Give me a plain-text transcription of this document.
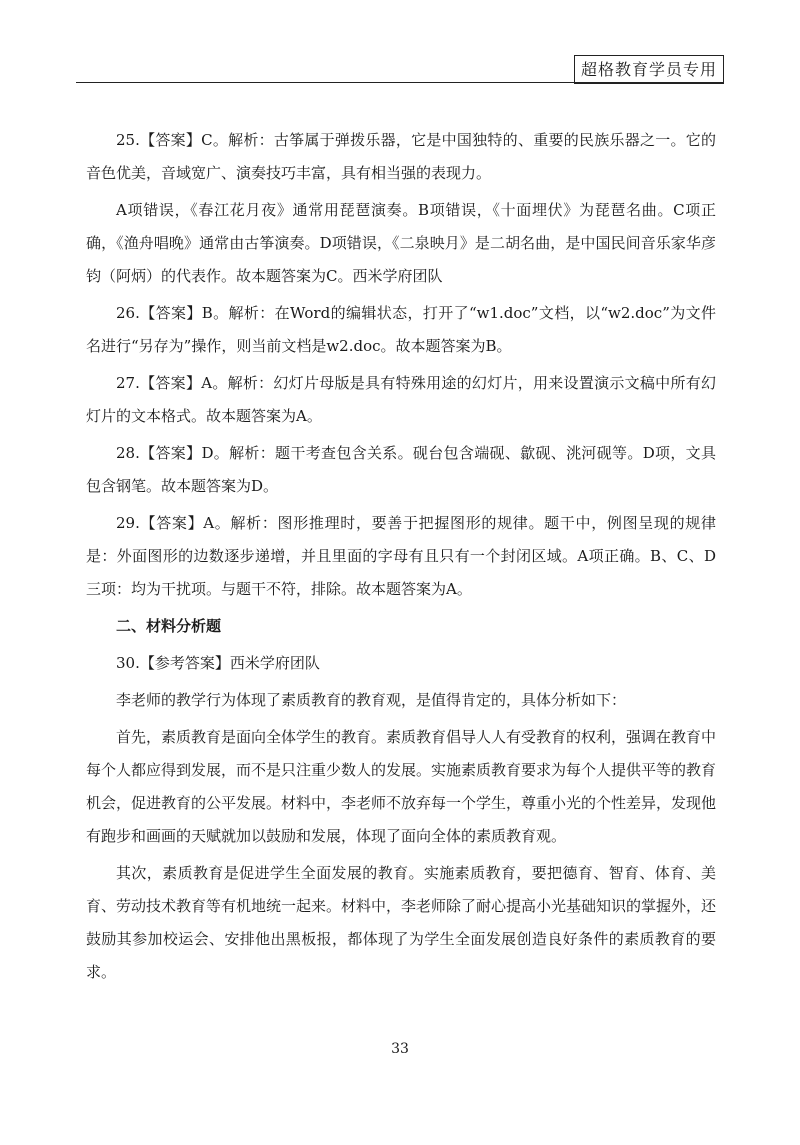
超格教育学员专用

25.【答案】C。解析：古筝属于弹拨乐器，它是中国独特的、重要的民族乐器之一。它的音色优美，音域宽广、演奏技巧丰富，具有相当强的表现力。

A项错误，《春江花月夜》通常用琵琶演奏。B项错误，《十面埋伏》为琵琶名曲。C项正确，《渔舟唱晚》通常由古筝演奏。D项错误，《二泉映月》是二胡名曲，是中国民间音乐家华彦钧（阿炳）的代表作。故本题答案为C。西米学府团队

26.【答案】B。解析：在Word的编辑状态，打开了“w1.doc”文档，以“w2.doc”为文件名进行“另存为”操作，则当前文档是w2.doc。故本题答案为B。

27.【答案】A。解析：幻灯片母版是具有特殊用途的幻灯片，用来设置演示文稿中所有幻灯片的文本格式。故本题答案为A。

28.【答案】D。解析：题干考查包含关系。砚台包含端砚、歙砚、洮河砚等。D项，文具包含钢笔。故本题答案为D。

29.【答案】A。解析：图形推理时，要善于把握图形的规律。题干中，例图呈现的规律是：外面图形的边数逐步递增，并且里面的字母有且只有一个封闭区域。A项正确。B、C、D三项：均为干扰项。与题干不符，排除。故本题答案为A。

二、材料分析题

30.【参考答案】西米学府团队

李老师的教学行为体现了素质教育的教育观，是值得肯定的，具体分析如下：

首先，素质教育是面向全体学生的教育。素质教育倡导人人有受教育的权利，强调在教育中每个人都应得到发展，而不是只注重少数人的发展。实施素质教育要求为每个人提供平等的教育机会，促进教育的公平发展。材料中，李老师不放弃每一个学生，尊重小光的个性差异，发现他有跑步和画画的天赋就加以鼓励和发展，体现了面向全体的素质教育观。

其次，素质教育是促进学生全面发展的教育。实施素质教育，要把德育、智育、体育、美育、劳动技术教育等有机地统一起来。材料中，李老师除了耐心提高小光基础知识的掌握外，还鼓励其参加校运会、安排他出黑板报，都体现了为学生全面发展创造良好条件的素质教育的要求。

33
